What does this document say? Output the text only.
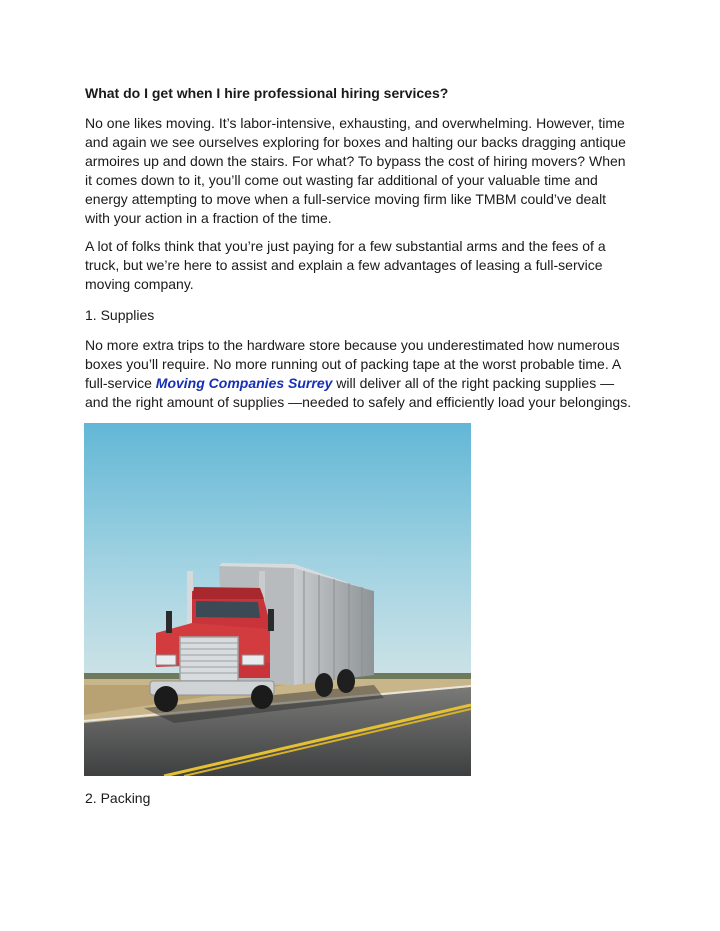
What do I get when I hire professional hiring services?

No one likes moving. It’s labor-intensive, exhausting, and overwhelming. However, time
and again we see ourselves exploring for boxes and halting our backs dragging antique
armoires up and down the stairs. For what? To bypass the cost of hiring movers? When
it comes down to it, you’ll come out wasting far additional of your valuable time and
energy attempting to move when a full-service moving firm like TMBM could’ve dealt
with your action in a fraction of the time.

A lot of folks think that you’re just paying for a few substantial arms and the fees of a
truck, but we’re here to assist and explain a few advantages of leasing a full-service
moving company.

1. Supplies

No more extra trips to the hardware store because you underestimated how numerous
boxes you’ll require. No more running out of packing tape at the worst probable time. A
full-service Moving Companies Surrey will deliver all of the right packing supplies —
and the right amount of supplies —needed to safely and efficiently load your belongings.

2. Packing
